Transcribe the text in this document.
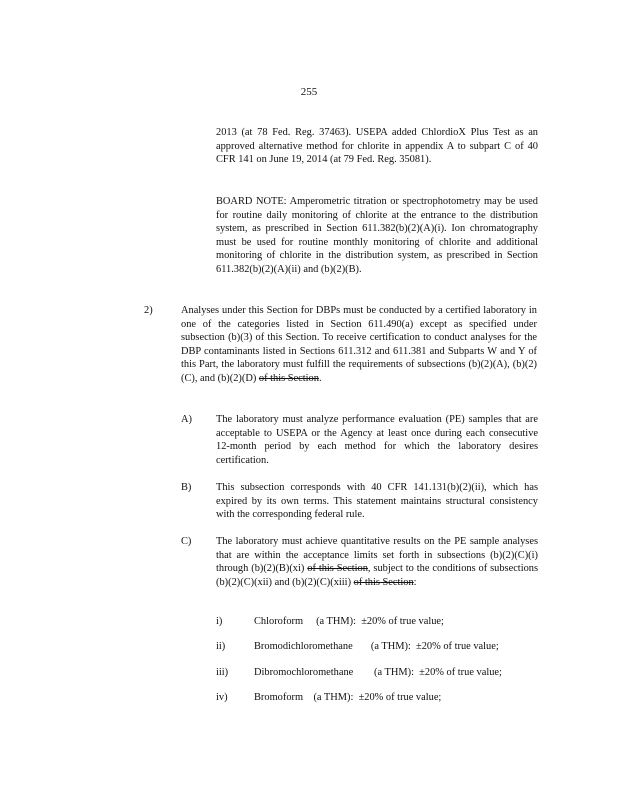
255

2013 (at 78 Fed. Reg. 37463). USEPA added ChlordioX Plus Test as an approved alternative method for chlorite in appendix A to subpart C of 40 CFR 141 on June 19, 2014 (at 79 Fed. Reg. 35081).

BOARD NOTE: Amperometric titration or spectrophotometry may be used for routine daily monitoring of chlorite at the entrance to the distribution system, as prescribed in Section 611.382(b)(2)(A)(i). Ion chromatography must be used for routine monthly monitoring of chlorite and additional monitoring of chlorite in the distribution system, as prescribed in Section 611.382(b)(2)(A)(ii) and (b)(2)(B).

2)	Analyses under this Section for DBPs must be conducted by a certified laboratory in one of the categories listed in Section 611.490(a) except as specified under subsection (b)(3) of this Section. To receive certification to conduct analyses for the DBP contaminants listed in Sections 611.312 and 611.381 and Subparts W and Y of this Part, the laboratory must fulfill the requirements of subsections (b)(2)(A), (b)(2)(C), and (b)(2)(D) of this Section.

A) The laboratory must analyze performance evaluation (PE) samples that are acceptable to USEPA or the Agency at least once during each consecutive 12-month period by each method for which the laboratory desires certification.

B) This subsection corresponds with 40 CFR 141.131(b)(2)(ii), which has expired by its own terms. This statement maintains structural consistency with the corresponding federal rule.

C) The laboratory must achieve quantitative results on the PE sample analyses that are within the acceptance limits set forth in subsections (b)(2)(C)(i) through (b)(2)(B)(xi) of this Section, subject to the conditions of subsections (b)(2)(C)(xii) and (b)(2)(C)(xiii) of this Section:

i)	Chloroform (a THM): ±20% of true value;

ii)	Bromodichloromethane (a THM): ±20% of true value;

iii) Dibromochloromethane (a THM): ±20% of true value;

iv)	Bromoform (a THM): ±20% of true value;
